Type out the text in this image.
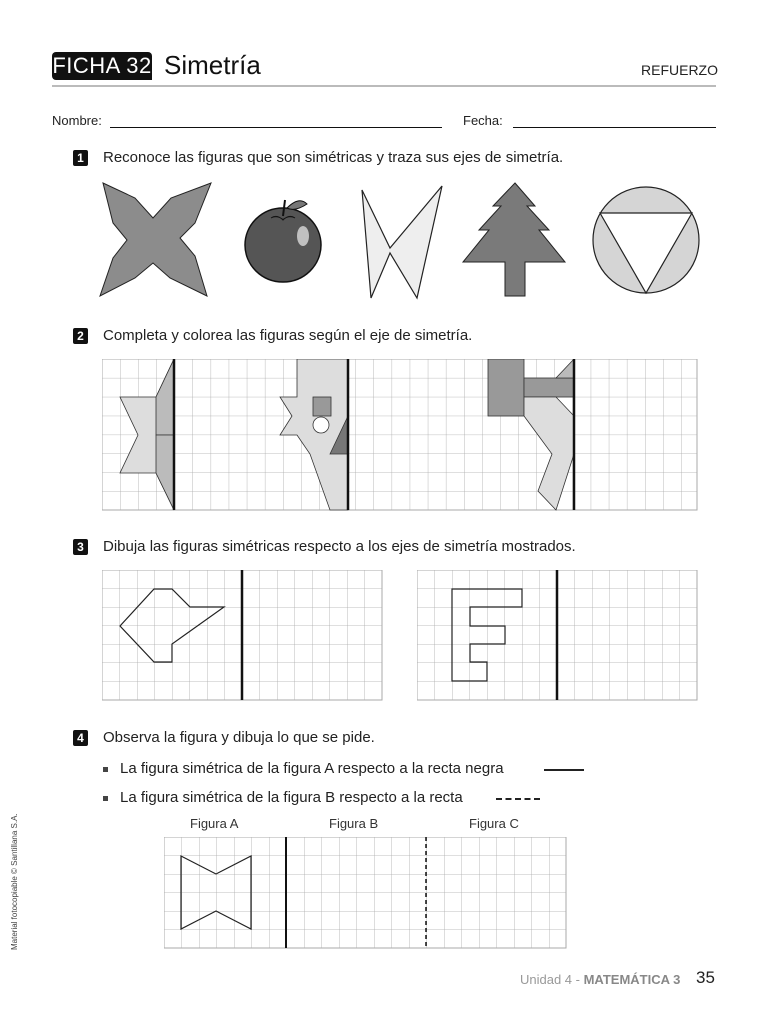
FICHA 32 Simetría	REFUERZO
Nombre:	Fecha:
1 Reconoce las figuras que son simétricas y traza sus ejes de simetría.
2 Completa y colorea las figuras según el eje de simetría.
3 Dibuja las figuras simétricas respecto a los ejes de simetría mostrados.
4 Observa la figura y dibuja lo que se pide.
La figura simétrica de la figura A respecto a la recta negra
La figura simétrica de la figura B respecto a la recta
Figura A	Figura B	Figura C
Material fotocopiable © Santillana S.A.
Unidad 4 - MATEMÁTICA 3 35
